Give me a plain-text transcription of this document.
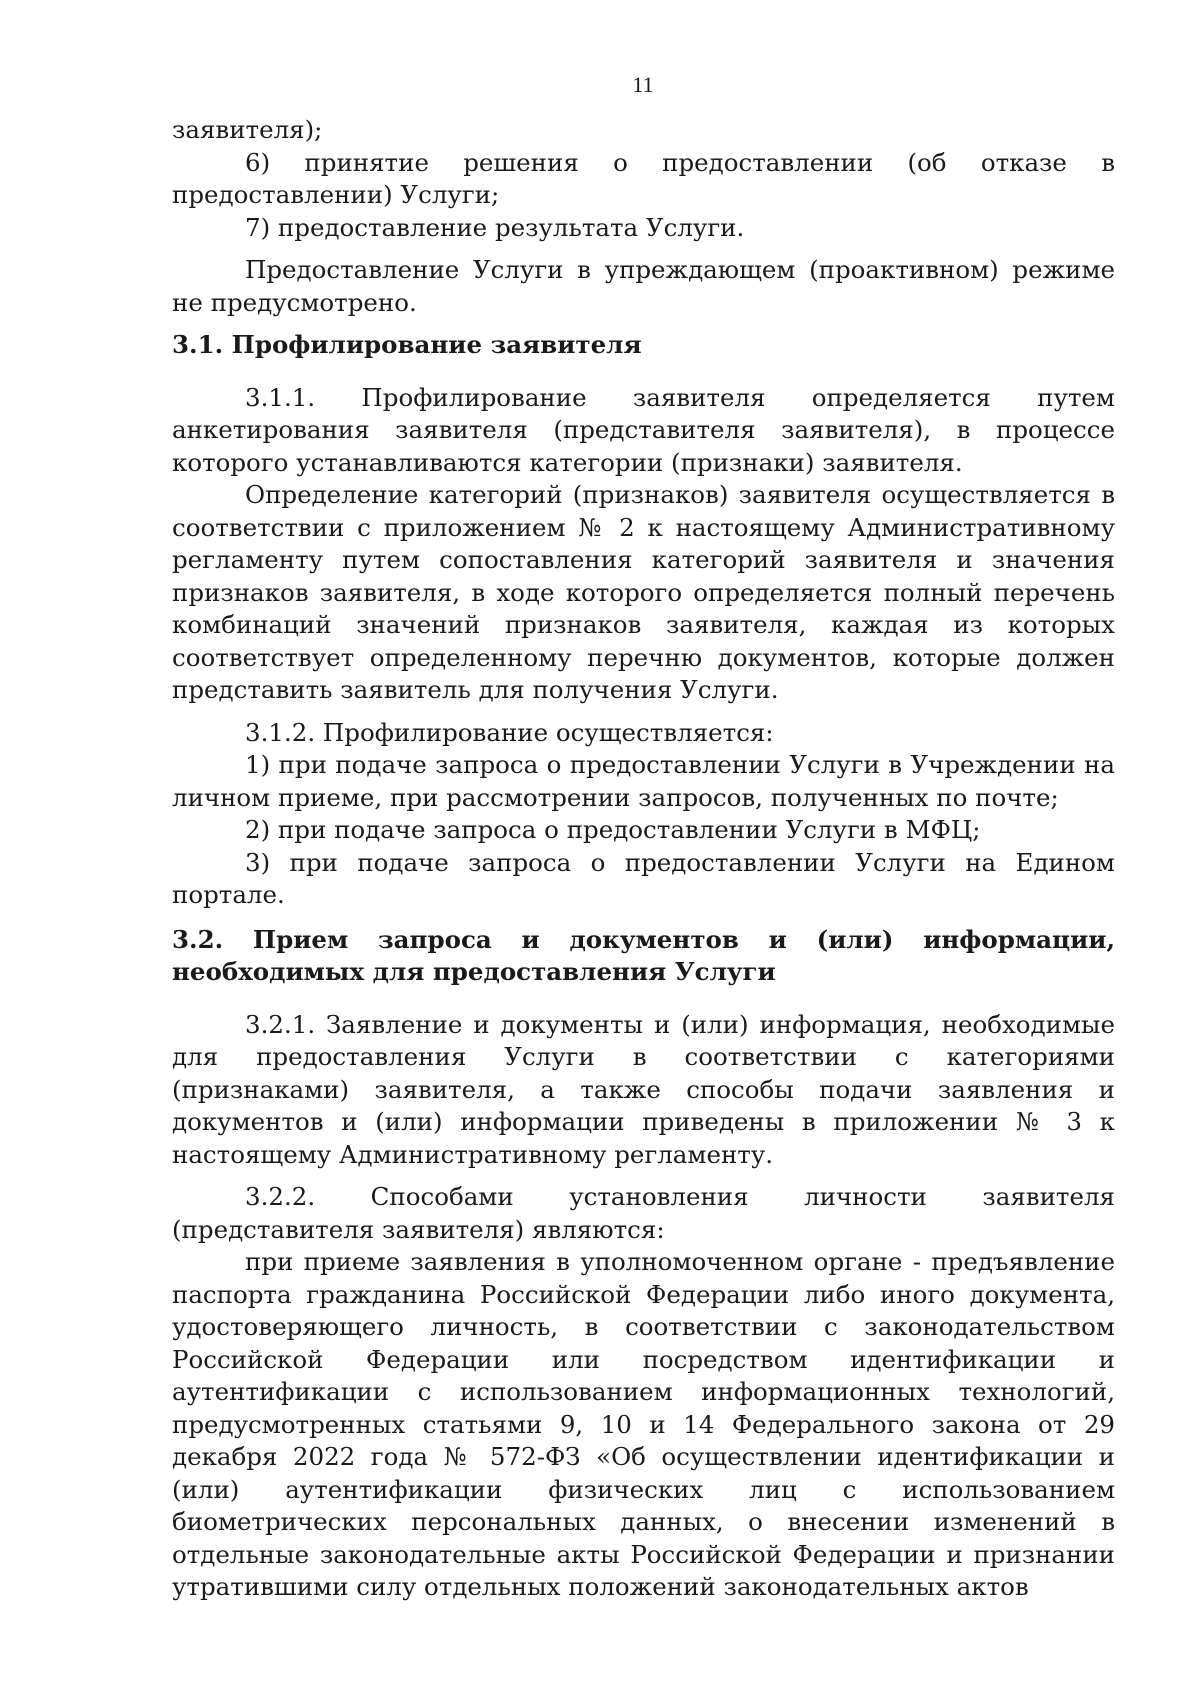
11

заявителя);

6) принятие решения о предоставлении (об отказе в предоставлении) Услуги;

7) предоставление результата Услуги.

Предоставление Услуги в упреждающем (проактивном) режиме не предусмотрено.

3.1. Профилирование заявителя

3.1.1. Профилирование заявителя определяется путем анкетирования заявителя (представителя заявителя), в процессе которого устанавливаются категории (признаки) заявителя.

Определение категорий (признаков) заявителя осуществляется в соответствии с приложением № 2 к настоящему Административному регламенту путем сопоставления категорий заявителя и значения признаков заявителя, в ходе которого определяется полный перечень комбинаций значений признаков заявителя, каждая из которых соответствует определенному перечню документов, которые должен представить заявитель для получения Услуги.

3.1.2. Профилирование осуществляется:

1) при подаче запроса о предоставлении Услуги в Учреждении на личном приеме, при рассмотрении запросов, полученных по почте;

2) при подаче запроса о предоставлении Услуги в МФЦ;

3) при подаче запроса о предоставлении Услуги на Едином портале.

3.2. Прием запроса и документов и (или) информации, необходимых для предоставления Услуги

3.2.1. Заявление и документы и (или) информация, необходимые для предоставления Услуги в соответствии с категориями (признаками) заявителя, а также способы подачи заявления и документов и (или) информации приведены в приложении № 3 к настоящему Административному регламенту.

3.2.2. Способами установления личности заявителя (представителя заявителя) являются:

при приеме заявления в уполномоченном органе - предъявление паспорта гражданина Российской Федерации либо иного документа, удостоверяющего личность, в соответствии с законодательством Российской Федерации или посредством идентификации и аутентификации с использованием информационных технологий, предусмотренных статьями 9, 10 и 14 Федерального закона от 29 декабря 2022 года № 572-ФЗ «Об осуществлении идентификации и (или) аутентификации физических лиц с использованием биометрических персональных данных, о внесении изменений в отдельные законодательные акты Российской Федерации и признании утратившими силу отдельных положений законодательных актов
